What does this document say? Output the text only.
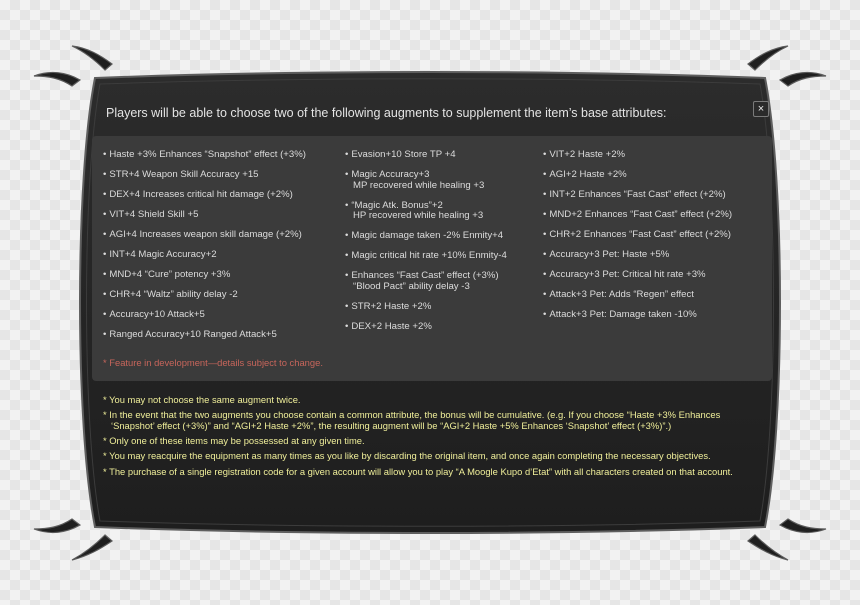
Players will be able to choose two of the following augments to supplement the item’s base attributes:	×
• Haste +3% Enhances “Snapshot” effect (+3%)
• STR+4 Weapon Skill Accuracy +15
• DEX+4 Increases critical hit damage (+2%)
• VIT+4 Shield Skill +5
• AGI+4 Increases weapon skill damage (+2%)
• INT+4 Magic Accuracy+2
• MND+4 “Cure” potency +3%
• CHR+4 “Waltz” ability delay -2
• Accuracy+10 Attack+5
• Ranged Accuracy+10 Ranged Attack+5
• Evasion+10 Store TP +4
• Magic Accuracy+3
MP recovered while healing +3
• “Magic Atk. Bonus”+2
HP recovered while healing +3
• Magic damage taken -2% Enmity+4
• Magic critical hit rate +10% Enmity-4
• Enhances “Fast Cast” effect (+3%)
“Blood Pact” ability delay -3
• STR+2 Haste +2%
• DEX+2 Haste +2%
• VIT+2 Haste +2%
• AGI+2 Haste +2%
• INT+2 Enhances “Fast Cast” effect (+2%)
• MND+2 Enhances “Fast Cast” effect (+2%)
• CHR+2 Enhances “Fast Cast” effect (+2%)
• Accuracy+3 Pet: Haste +5%
• Accuracy+3 Pet: Critical hit rate +3%
• Attack+3 Pet: Adds “Regen” effect
• Attack+3 Pet: Damage taken -10%
* Feature in development—details subject to change.
* You may not choose the same augment twice.
* In the event that the two augments you choose contain a common attribute, the bonus will be cumulative. (e.g. If you choose “Haste +3% Enhances ‘Snapshot’ effect (+3%)” and “AGI+2 Haste +2%”, the resulting augment will be “AGI+2 Haste +5% Enhances ‘Snapshot’ effect (+3%)”.)
* Only one of these items may be possessed at any given time.
* You may reacquire the equipment as many times as you like by discarding the original item, and once again completing the necessary objectives.
* The purchase of a single registration code for a given account will allow you to play “A Moogle Kupo d’Etat” with all characters created on that account.
